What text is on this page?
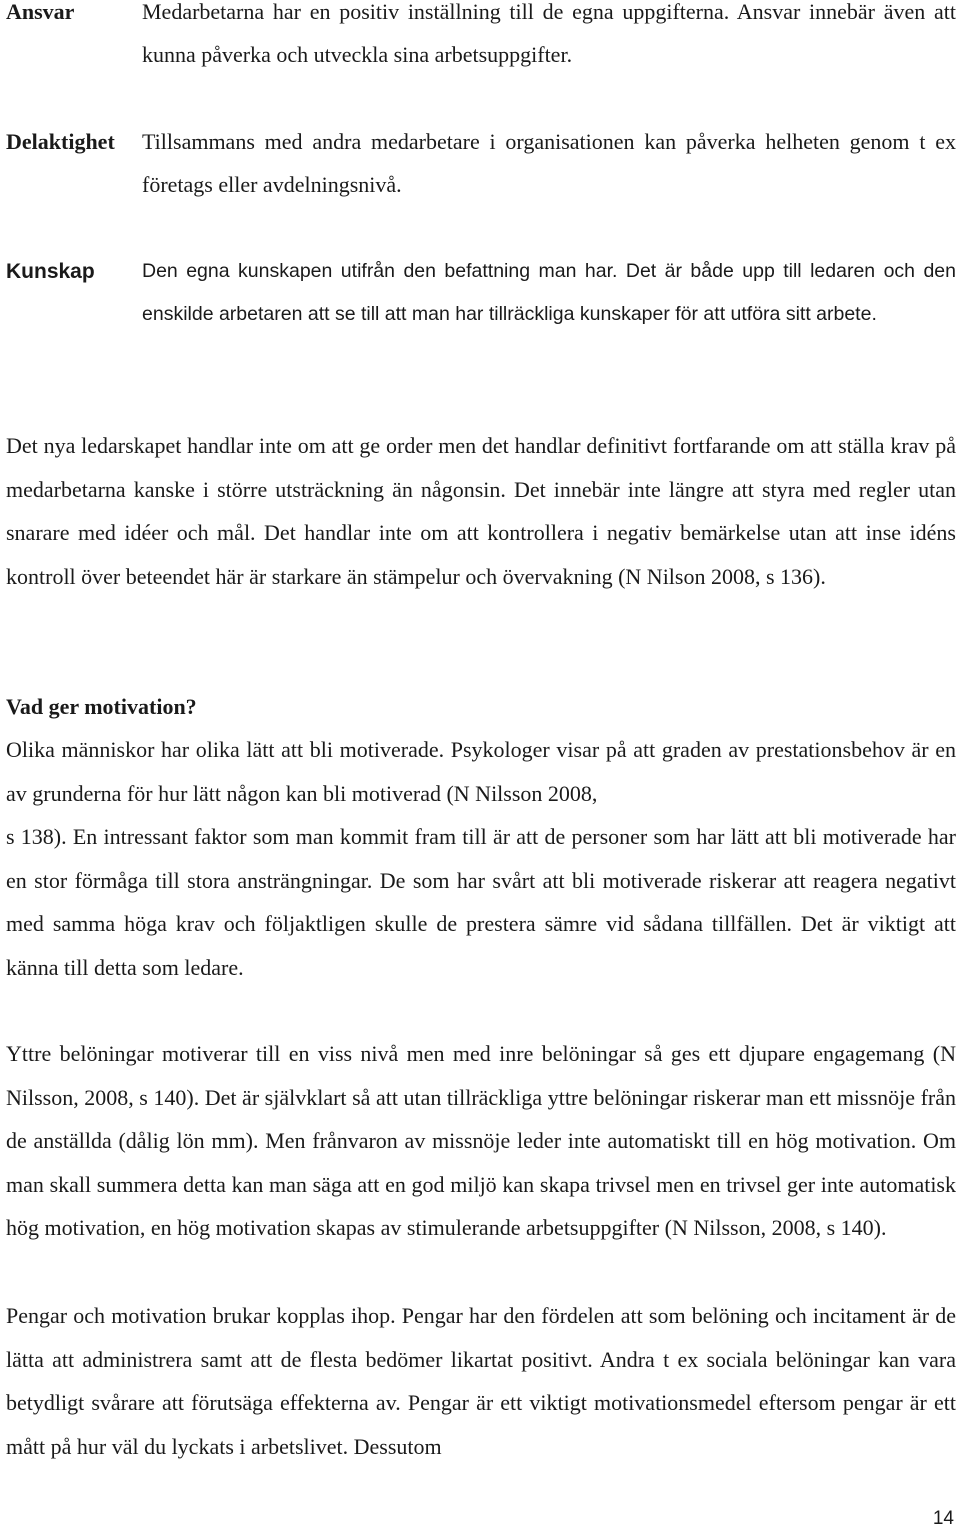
Ansvar	Medarbetarna har en positiv inställning till de egna uppgifterna. Ansvar innebär även att kunna påverka och utveckla sina arbetsuppgifter.
Delaktighet Tillsammans med andra medarbetare i organisationen kan påverka helheten genom t ex företags eller avdelningsnivå.
Kunskap Den egna kunskapen utifrån den befattning man har. Det är både upp till ledaren och den enskilde arbetaren att se till att man har tillräckliga kunskaper för att utföra sitt arbete.
Det nya ledarskapet handlar inte om att ge order men det handlar definitivt fortfarande om att ställa krav på medarbetarna kanske i större utsträckning än någonsin. Det innebär inte längre att styra med regler utan snarare med idéer och mål. Det handlar inte om att kontrollera i negativ bemärkelse utan att inse idéns kontroll över beteendet här är starkare än stämpelur och övervakning (N Nilson 2008, s 136).
Vad ger motivation?
Olika människor har olika lätt att bli motiverade. Psykologer visar på att graden av prestationsbehov är en av grunderna för hur lätt någon kan bli motiverad (N Nilsson 2008,
s 138). En intressant faktor som man kommit fram till är att de personer som har lätt att bli motiverade har en stor förmåga till stora ansträngningar. De som har svårt att bli motiverade riskerar att reagera negativt med samma höga krav och följaktligen skulle de prestera sämre vid sådana tillfällen. Det är viktigt att känna till detta som ledare.
Yttre belöningar motiverar till en viss nivå men med inre belöningar så ges ett djupare engagemang (N Nilsson, 2008, s 140). Det är självklart så att utan tillräckliga yttre belöningar riskerar man ett missnöje från de anställda (dålig lön mm). Men frånvaron av missnöje leder inte automatiskt till en hög motivation. Om man skall summera detta kan man säga att en god miljö kan skapa trivsel men en trivsel ger inte automatisk hög motivation, en hög motivation skapas av stimulerande arbetsuppgifter (N Nilsson, 2008, s 140).
Pengar och motivation brukar kopplas ihop. Pengar har den fördelen att som belöning och incitament är de lätta att administrera samt att de flesta bedömer likartat positivt. Andra t ex sociala belöningar kan vara betydligt svårare att förutsäga effekterna av. Pengar är ett viktigt motivationsmedel eftersom pengar är ett mått på hur väl du lyckats i arbetslivet. Dessutom
14
